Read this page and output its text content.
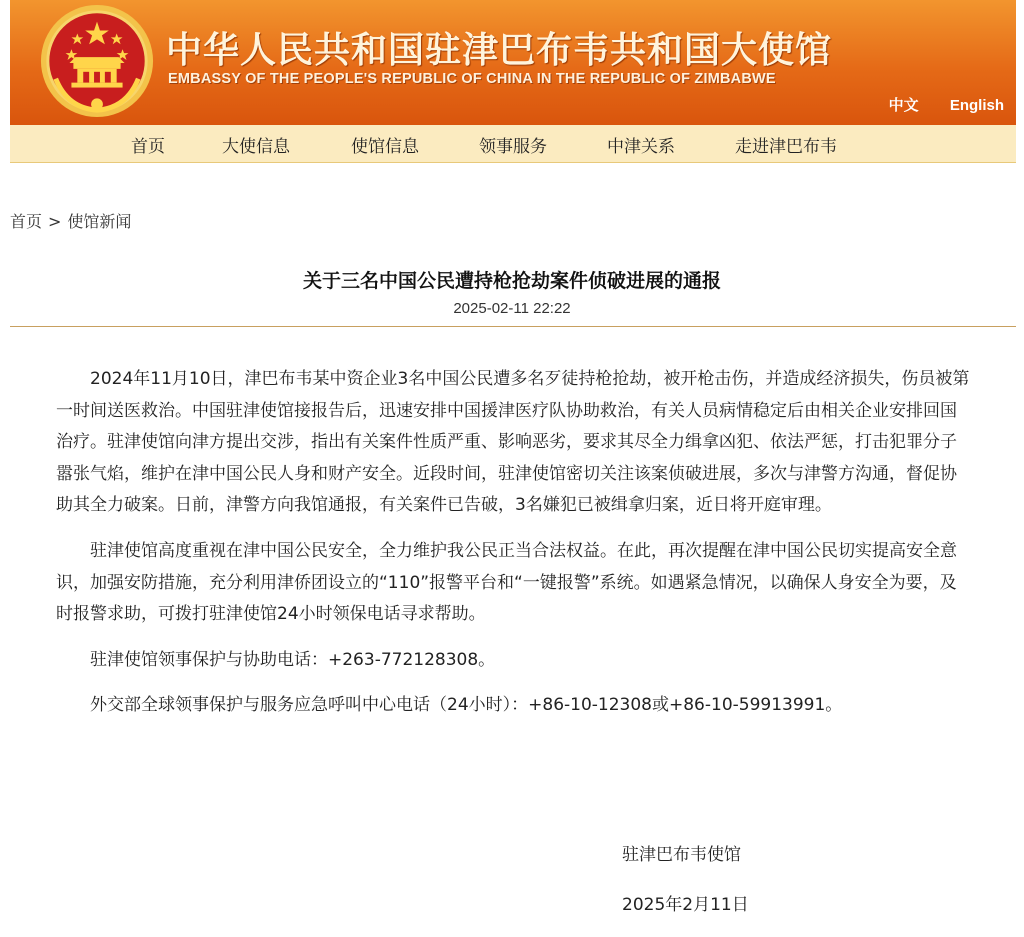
中华人民共和国驻津巴布韦共和国大使馆
EMBASSY OF THE PEOPLE'S REPUBLIC OF CHINA IN THE REPUBLIC OF ZIMBABWE
中文 English
首页	大使信息	使馆信息	领事服务	中津关系	走进津巴布韦
首页 > 使馆新闻
关于三名中国公民遭持枪抢劫案件侦破进展的通报
2025-02-11 22:22

2024年11月10日，津巴布韦某中资企业3名中国公民遭多名歹徒持枪抢劫，被开枪击伤，并造成经济损失，伤员被第一时间送医救治。中国驻津使馆接报告后，迅速安排中国援津医疗队协助救治，有关人员病情稳定后由相关企业安排回国治疗。驻津使馆向津方提出交涉，指出有关案件性质严重、影响恶劣，要求其尽全力缉拿凶犯、依法严惩，打击犯罪分子嚣张气焰，维护在津中国公民人身和财产安全。近段时间，驻津使馆密切关注该案侦破进展，多次与津警方沟通，督促协助其全力破案。日前，津警方向我馆通报，有关案件已告破，3名嫌犯已被缉拿归案，近日将开庭审理。

驻津使馆高度重视在津中国公民安全，全力维护我公民正当合法权益。在此，再次提醒在津中国公民切实提高安全意识，加强安防措施，充分利用津侨团设立的“110”报警平台和“一键报警”系统。如遇紧急情况，以确保人身安全为要，及时报警求助，可拨打驻津使馆24小时领保电话寻求帮助。

驻津使馆领事保护与协助电话：+263-772128308。

外交部全球领事保护与服务应急呼叫中心电话（24小时）：+86-10-12308或+86-10-59913991。

驻津巴布韦使馆
2025年2月11日
